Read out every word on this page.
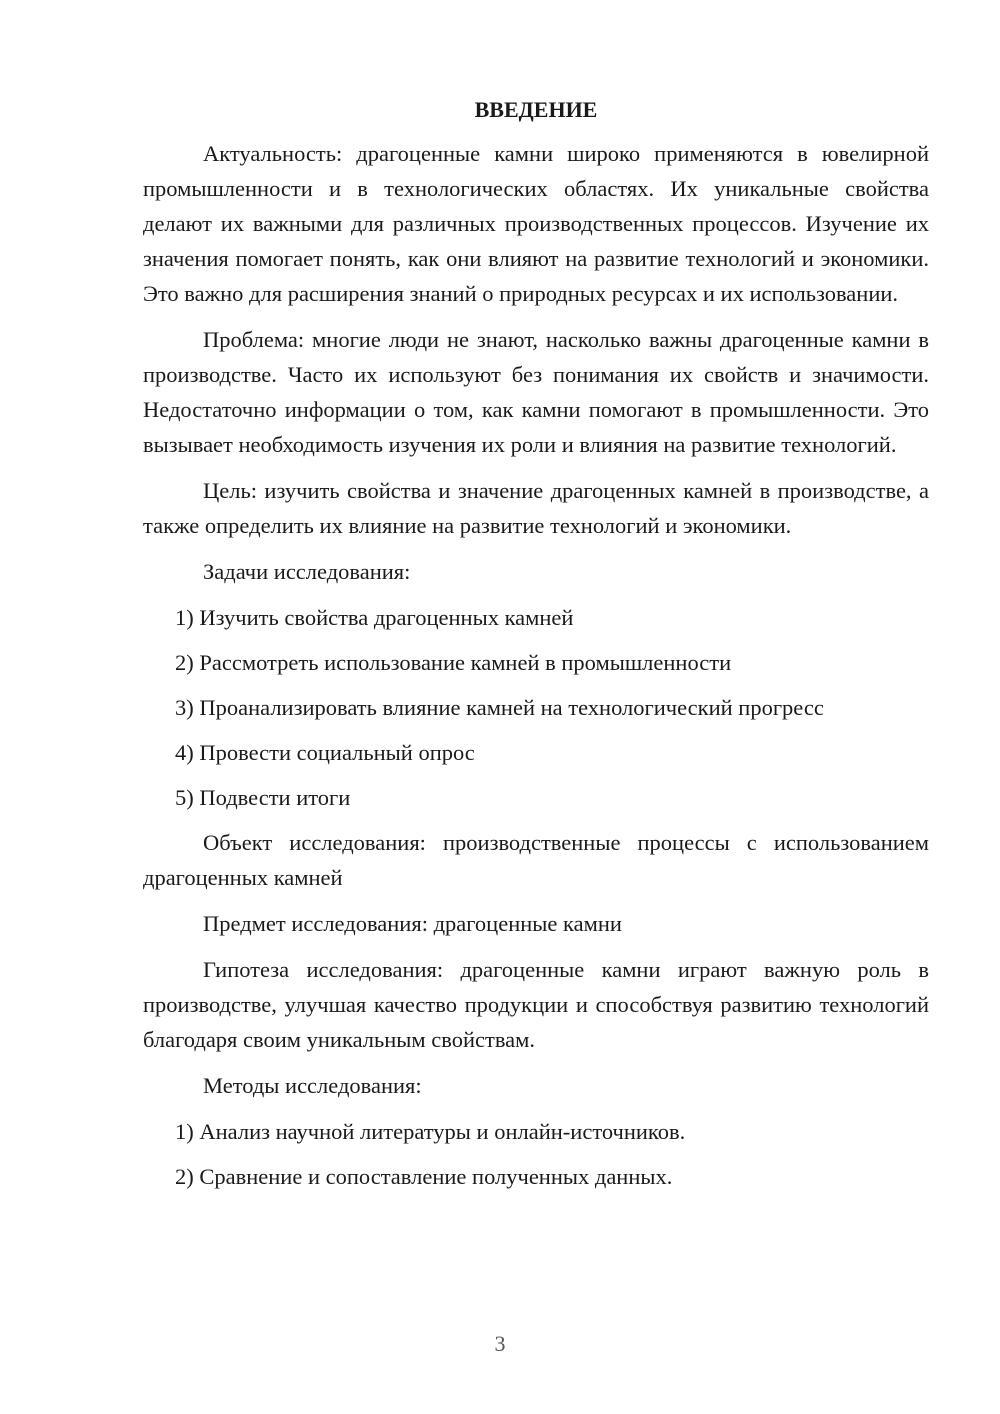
ВВЕДЕНИЕ

Актуальность: драгоценные камни широко применяются в ювелирной промышленности и в технологических областях. Их уникальные свойства делают их важными для различных производственных процессов. Изучение их значения помогает понять, как они влияют на развитие технологий и экономики. Это важно для расширения знаний о природных ресурсах и их использовании.

Проблема: многие люди не знают, насколько важны драгоценные камни в производстве. Часто их используют без понимания их свойств и значимости. Недостаточно информации о том, как камни помогают в промышленности. Это вызывает необходимость изучения их роли и влияния на развитие технологий.

Цель: изучить свойства и значение драгоценных камней в производстве, а также определить их влияние на развитие технологий и экономики.

Задачи исследования:

1) Изучить свойства драгоценных камней
2) Рассмотреть использование камней в промышленности
3) Проанализировать влияние камней на технологический прогресс
4) Провести социальный опрос
5) Подвести итоги

Объект исследования: производственные процессы с использованием драгоценных камней

Предмет исследования: драгоценные камни

Гипотеза исследования: драгоценные камни играют важную роль в производстве, улучшая качество продукции и способствуя развитию технологий благодаря своим уникальным свойствам.

Методы исследования:

1) Анализ научной литературы и онлайн-источников.
2) Сравнение и сопоставление полученных данных.
3
